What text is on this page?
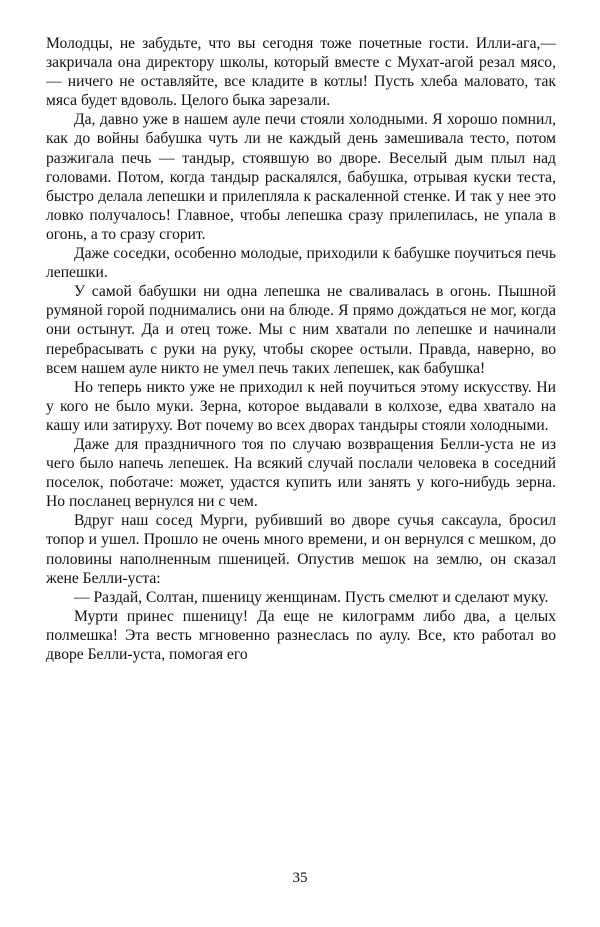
Молодцы, не забудьте, что вы сегодня тоже почетные гости. Илли-ага,— закричала она директору школы, который вместе с Мухат-агой резал мясо,— ничего не оставляйте, все кладите в котлы! Пусть хлеба маловато, так мяса будет вдоволь. Целого быка зарезали.

Да, давно уже в нашем ауле печи стояли холодными. Я хорошо помнил, как до войны бабушка чуть ли не каждый день замешивала тесто, потом разжигала печь — тандыр, стоявшую во дворе. Веселый дым плыл над головами. Потом, когда тандыр раскалялся, бабушка, отрывая куски теста, быстро делала лепешки и прилепляла к раскаленной стенке. И так у нее это ловко получалось! Главное, чтобы лепешка сразу прилепилась, не упала в огонь, а то сразу сгорит.

Даже соседки, особенно молодые, приходили к бабушке поучиться печь лепешки.

У самой бабушки ни одна лепешка не сваливалась в огонь. Пышной румяной горой поднимались они на блюде. Я прямо дождаться не мог, когда они остынут. Да и отец тоже. Мы с ним хватали по лепешке и начинали перебрасывать с руки на руку, чтобы скорее остыли. Правда, наверно, во всем нашем ауле никто не умел печь таких лепешек, как бабушка!

Но теперь никто уже не приходил к ней поучиться этому искусству. Ни у кого не было муки. Зерна, которое выдавали в колхозе, едва хватало на кашу или затируху. Вот почему во всех дворах тандыры стояли холодными.

Даже для праздничного тоя по случаю возвращения Белли-уста не из чего было напечь лепешек. На всякий случай послали человека в соседний поселок, поботаче: может, удастся купить или занять у кого-нибудь зерна. Но посланец вернулся ни с чем.

Вдруг наш сосед Мурги, рубивший во дворе сучья саксаула, бросил топор и ушел. Прошло не очень много времени, и он вернулся с мешком, до половины наполненным пшеницей. Опустив мешок на землю, он сказал жене Белли-уста:

— Раздай, Солтан, пшеницу женщинам. Пусть смелют и сделают муку.

Мурти принес пшеницу! Да еще не килограмм либо два, а целых полмешка! Эта весть мгновенно разнеслась по аулу. Все, кто работал во дворе Белли-уста, помогая его

35
